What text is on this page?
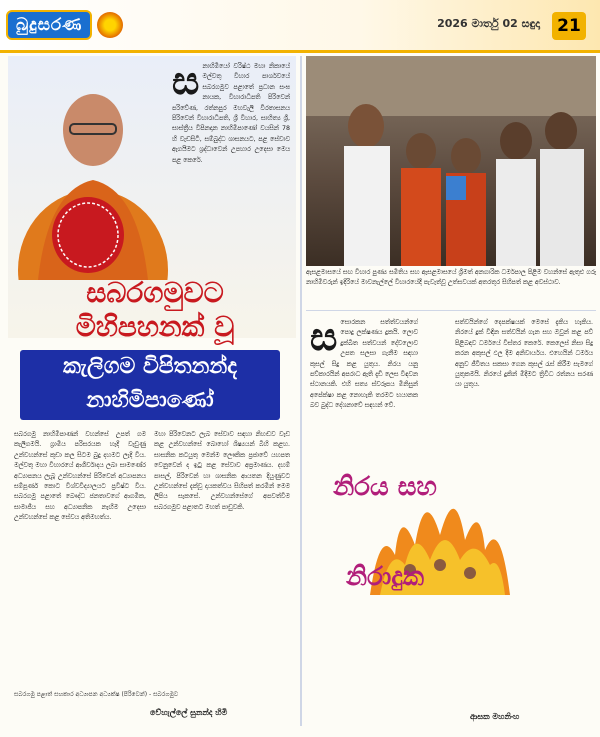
බුදුසරණ	2026 මාර්තු 02 සඳුදා	21
ස නාහිමියෝ වරිෂ්ඨ මහා නිකායේ මල්වතු විහාර පාර්ශවයේ සබරගමුව පළාතේ ප්‍රධාන සංඝ නායක, විහාරාධිපති පිරිවෙන් පරිවේණ, රත්නපුර මහවැලි වීරතාසනය පිරිවෙන් විහාරාධිපති, ශ්‍රී විහාර, සාහිත්‍ය ශ්‍රී, සාස්ත්‍රීය විපිනදාන නාහිමිපාණෝ වයසින් 78 හි වැඩසිටි, සම්බුද්ධ ශාසනයට, පළ සේවාව ඇගයීමට ශ්‍රද්ධාවෙන් උපහාර උදෙසා මෙය පළ කෙරේ.
සබරගමුවට
මිහිපහනක් වූ
කැලිගම විපිතනන්ද
නාහිමිපාණෝ
සබරගමු නාහිමිපාණන් වහන්සේ උපත් ගම කැලිගමයි. ග්‍රාමීය පරිසරයක හැදී වැඩුණු උන්වහන්සේ කුඩා කල සිටම බුදු දහමට ලැදි විය. මල්වතු මහා විහාරයේ ආශීර්වාදය ලබා සාමණේර අධ්‍යාපනය ලැබූ උන්වහන්සේ පිරිවෙන් අධ්‍යාපනය සම්පූර්ණ කොට විශ්වවිද්‍යාලයට ප්‍රවිෂ්ට විය. සබරගමු පළාතේ බෞද්ධ ජනතාවගේ ආගමික, සාමාජීය සහ අධ්‍යාපනික නැඟීම උදෙසා උන්වහන්සේ කළ සේවය අතිමහත්ය.
මහා පිරිවෙනට ලැබ සේවාව සඳහා නිහඬව වැඩ කළ උන්වහන්සේ බොහෝ ශිෂ්‍යයන් බිහි කළහ. සාසනික කටයුතු මෙන්ම ලෞකික ප්‍රජාවේ යහපත වෙනුවෙන් ද ඉටු කළ සේවාව අප්‍රමාණය. දහම් පාසල්, පිරිවෙන් හා ශාසනික ආයතන දියුණුවට උන්වහන්සේ දැක්වූ දායකත්වය සිහිපත් කරමින් මෙම ලිපිය සැකසේ. උන්වහන්සේගේ අපවත්වීම සබරගමුව පළාතට මහත් පාඩුවකි.
සබරගමු පළාත් සහකාර අධ්‍යාපන අධ්‍යක්ෂ (පිරිවෙන්) - සබරගමුව
වේහැල්ලේ සුනන්ද හිමි
ඇසළමාසයේ සඟ විහාර පුණ්‍ය සමිතිය සහ ඇසළමාසයේ ශ්‍රීමත් අනගාරික ධර්මපාල පිළිම වහන්සේ ඇතුළු ගරු නාහිමිවරුන් ඉදිරියේ මාවනැල්ලේ විහාරයේදී පැවැත්වූ උත්සවයක් අතරතුර සිහිපත් කළ අවස්ථාව.
ස සොරකන සත්ත්වයන්ගේ පොදු ලක්ෂණය දුකයි. ලොව දුක්ඛිත සත්වයන් දේවලොව උපත සලසා ගැනීම සඳහා කුසල් සිදු කළ යුතුය. නිරය යනු පව්කාරයින් අපරාධ ඇති දැඩි ලෙස විඳවන ස්ථානයකි. එහි සත්‍ය ස්වරූපය මිනිසුන් අපේක්ෂා කළ නොහැකි තරමට භයානක බව බුද්ධ දේශනාවේ සඳහන් වේ.
සත්වයින්ගේ දෙපක්ෂයක් මෙසේ දැකිය හැකිය. නිරයේ දුක් විඳින සත්වයින් ගැන සහ ඔවුන් කළ පව් පිළිබඳව ධර්මයේ විස්තර කෙරේ. කෙලෙස් නිසා සිදු කරන අකුසල් ඵල දීම අනිවාර්යය. එහෙයින් ධර්මය අනුව ජීවිතය සකසා ගෙන කුසල් රැස් කිරීම සැමගේ යුතුකමයි. නිරයේ දුකින් මිදීමට ත්‍රිවිධ රත්නය සරණ යා යුතුය.
නිරය සහ
නිරාදුක
ආසක මහනිංහ
